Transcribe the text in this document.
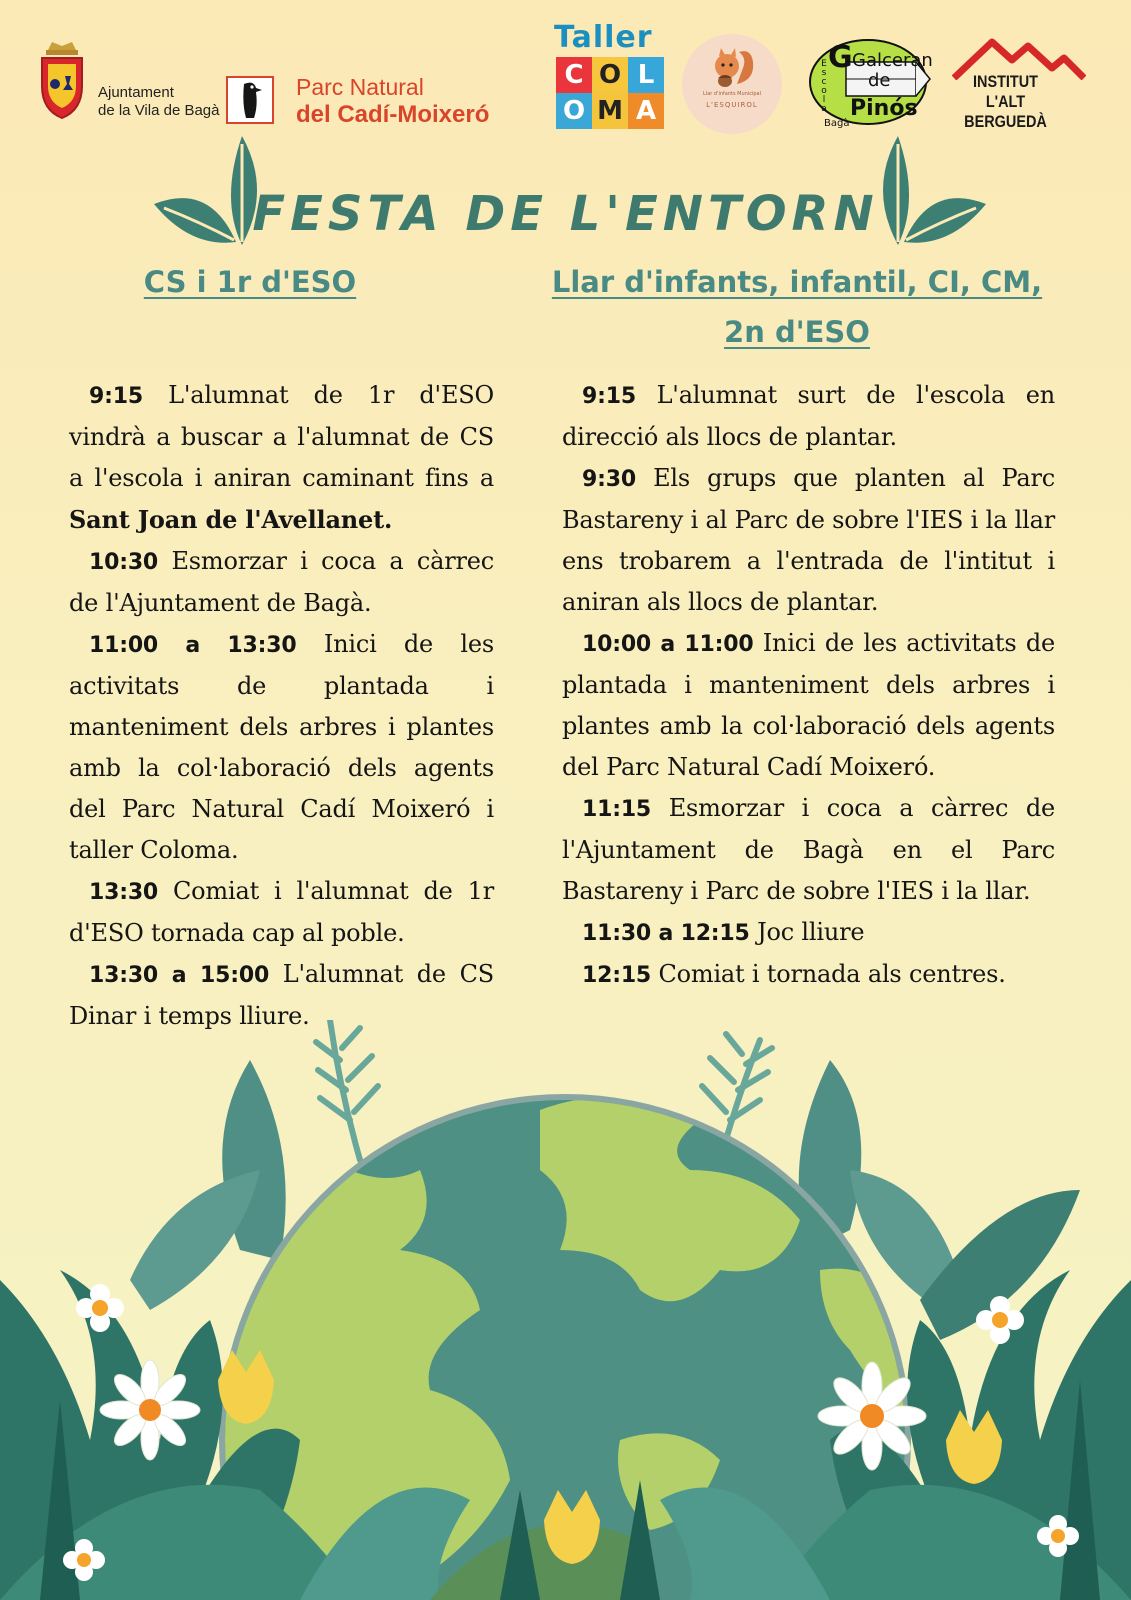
Ajuntament
de la Vila de Bagà
Parc Natural
del Cadí-Moixeró
Taller
C O L
O M A
Llar d'infants Municipal
L'ESQUIROL
G Galceran
de
Pinós
Bagà
E
s
c
o
l
a
INSTITUT
L'ALT BERGUEDÀ
FESTA DE L'ENTORN
CS i 1r d'ESO	Llar d'infants, infantil, CI, CM,
2n d'ESO

9:15 L'alumnat de 1r d'ESO vindrà a buscar a l'alumnat de CS a l'escola i aniran caminant fins a Sant Joan de l'Avellanet.

10:30 Esmorzar i coca a càrrec de l'Ajuntament de Bagà.

11:00 a 13:30 Inici de les activitats de plantada i manteniment dels arbres i plantes amb la col·laboració dels agents del Parc Natural Cadí Moixeró i taller Coloma.

13:30 Comiat i l'alumnat de 1r d'ESO tornada cap al poble.

13:30 a 15:00 L'alumnat de CS Dinar i temps lliure.

9:15 L'alumnat surt de l'escola en direcció als llocs de plantar.

9:30 Els grups que planten al Parc Bastareny i al Parc de sobre l'IES i la llar ens trobarem a l'entrada de l'intitut i aniran als llocs de plantar.

10:00 a 11:00 Inici de les activitats de plantada i manteniment dels arbres i plantes amb la col·laboració dels agents del Parc Natural Cadí Moixeró.

11:15 Esmorzar i coca a càrrec de l'Ajuntament de Bagà en el Parc Bastareny i Parc de sobre l'IES i la llar.

11:30 a 12:15 Joc lliure

12:15 Comiat i tornada als centres.
